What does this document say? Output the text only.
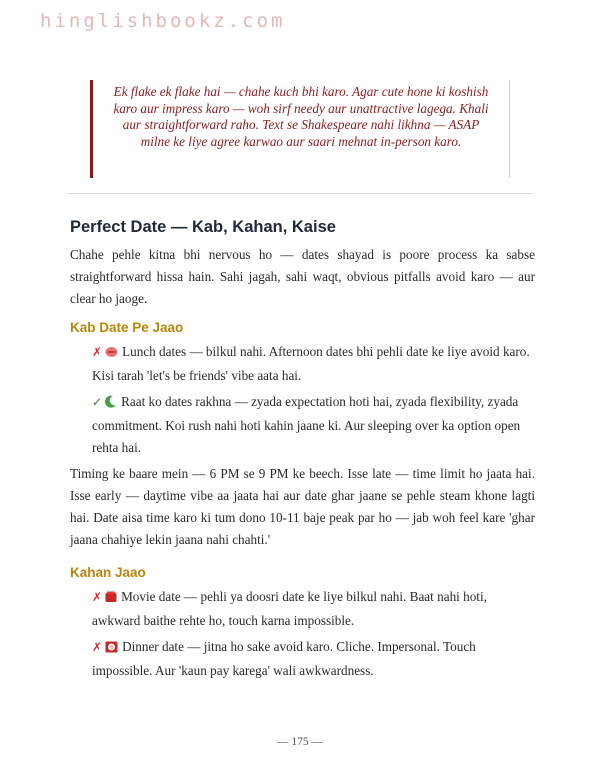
hinglishbookz.com
Ek flake ek flake hai — chahe kuch bhi karo. Agar cute hone ki koshish karo aur impress karo — woh sirf needy aur unattractive lagega. Khali aur straightforward raho. Text se Shakespeare nahi likhna — ASAP milne ke liye agree karwao aur saari mehnat in-person karo.
Perfect Date — Kab, Kahan, Kaise

Chahe pehle kitna bhi nervous ho — dates shayad is poore process ka sabse straightforward hissa hain. Sahi jagah, sahi waqt, obvious pitfalls avoid karo — aur clear ho jaoge.

Kab Date Pe Jaao
✗ Lunch dates — bilkul nahi. Afternoon dates bhi pehli date ke liye avoid karo. Kisi tarah 'let's be friends' vibe aata hai.
✓ Raat ko dates rakhna — zyada expectation hoti hai, zyada flexibility, zyada commitment. Koi rush nahi hoti kahin jaane ki. Aur sleeping over ka option open rehta hai.

Timing ke baare mein — 6 PM se 9 PM ke beech. Isse late — time limit ho jaata hai. Isse early — daytime vibe aa jaata hai aur date ghar jaane se pehle steam khone lagti hai. Date aisa time karo ki tum dono 10-11 baje peak par ho — jab woh feel kare 'ghar jaana chahiye lekin jaana nahi chahti.'

Kahan Jaao
✗ Movie date — pehli ya doosri date ke liye bilkul nahi. Baat nahi hoti, awkward baithe rehte ho, touch karna impossible.
✗ Dinner date — jitna ho sake avoid karo. Cliche. Impersonal. Touch impossible. Aur 'kaun pay karega' wali awkwardness.
— 175 —
